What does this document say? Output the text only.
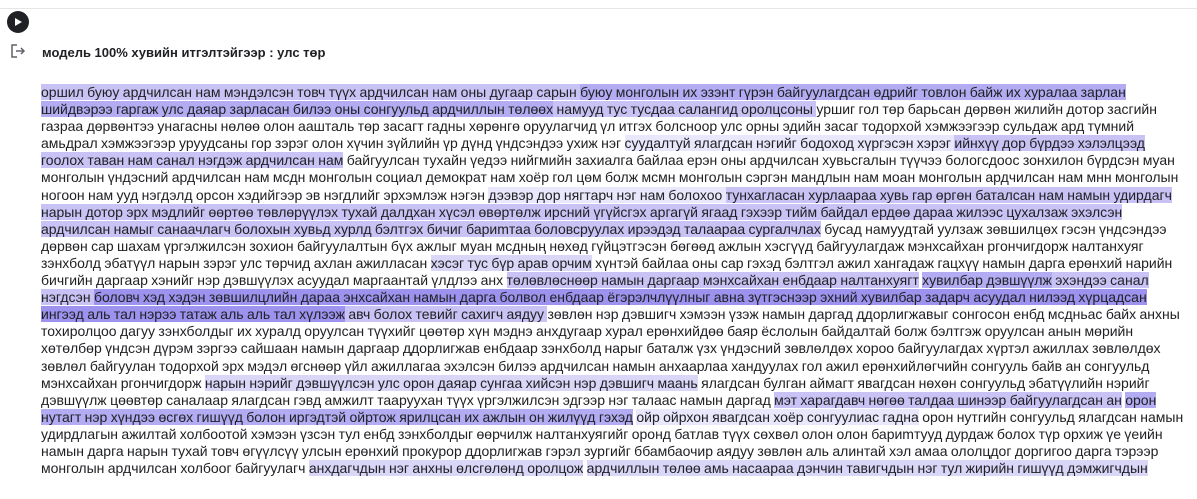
модель 100% хувийн итгэлтэйгээр : улс төр
оршил буюу ардчилсан нам мэндэлсэн товч түүх ардчилсан нам оны дугаар сарын буюу монголын их эзэнт гүрэн байгуулагдсан өдрийг товлон байж их хуралаа зарлан шийдвэрээ гаргаж улс даяар зарласан билээ оны сонгуульд ардчиллын төлөөх намууд тус тусдаа салангид оролцсоны уршиг гол төр барьсан дөрвөн жилийн дотор засгийн газраа дөрвөнтээ унагасны нөлөө олон аашталь төр засагт гадны хөрөнгө оруулагчид үл итгэх болсноор улс орны эдийн засаг тодорхой хэмжээгээр сульдаж ард түмний амьдрал хэмжээгээр уруудсаны гор зэрэг олон хүчин зүйлийн үр дүнд үндсэндээ ухиж нэг суудалтуй ялагдсан нэгийг бодоход хүргэсэн хэрэг ийнхүү дор бүрдээ хэлэлцээд гоолох таван нам санал нэгдэж ардчилсан нам байгуулсан тухайн үедээ нийгмийн захиалга байлаа ерэн оны ардчилсан хувьсгалын түүчээ бологсдоос зонхилон бүрдсэн муан монголын үндэсний ардчилсан нам мсдн монголын социал демократ нам хоёр гол цөм болж мсмн монголын сэргэн мандлын нам моан монголын ардчилсан нам мнн монголын ногоон нам ууд нэгдэлд орсон хэдийгээр эв нэгдлийг эрхэмлэж нэгэн дээвэр дор нягтарч нэг нам болохоо тунхагласан хурлаараа хувь гар өргөн баталсан нам намын удирдагч нарын дотор эрх мэдлийг өөртөө төвлөрүүлэх тухай далдхан хүсэл өвөртөлж ирсний үгүйсгэх аргагүй ягаад гэхээр тийм байдал ердөө дараа жилээс цухалзаж эхэлсэн ардчилсан намыг санаачлагч болохын хувьд хурлд бэлтгэх бичиг бариmтаа боловсруулах ирээдэд талаараа сургалчлах бусад намуудтай уулзаж зөвшилцөх гэсэн үндсэндээ дөрвөн сар шахам үргэлжилсэн зохион байгуулалтын бүх ажлыг муан мсдның нөхөд гүйцэтгэсэн бөгөөд ажлын хэсгүүд байгуулагдаж мэнхсайхан ргончигдорж налтанхуяг зэнхболд эбатүүл нарын зэрэг улс төрчид ахлан ажиллаcан хэсэг тус бүр арав орчим хүнтэй байлаа оны сар гэхэд бэлтгэл ажил хангадаж гацхүү намын дарга ерөнхий нарийн бичгийн даргаар хэнийг нэр дэвшүүлэх асуудал маргаантай үлдлээ анх төлөвлөснөөр намын даргаар мэнхсайхан енбдаар налтанхуягт хувилбар дэвшүүлж эхэндээ санал нэгдсэн боловч хэд хэдэн зөвшилцлийн дараа энхсайхан намын дарга болвол енбдаар ёгэрэлчлүүлныг авна зүтгэснээр эхний хувилбар задарч асуудал нилээд хүрцадсан ингээд аль тал нэрээ татаж аль аль тал хүлээж авч болох тевийг сахигч аядуу зөвлөн нэр дэвшигч хэмээн үзэж намын даргад ддорлигжавыг сонгосон енбд мсдньас байх анхны тохиролцоо дагуу зэнхболдыг их хуралд оруулсан түүхийг цөөтөр хүн мэднэ анхдугаар хурал ерөнхийдөө баяр ёслолын байдалтай болж бэлтгэж оруулсан анын мөрийн хөтөлбөр үндсэн дүрэм зэргээ сайшаан намын даргаар ддорлигжав енбдаар зэнхболд нарыг баталж үзх үндэсний зөвлөлдөх хороо байгуулагдах хүртэл ажиллах зөвлөлдөх зөвлөл байгуулан тодорхой эрх мэдэл өгснөөр үйл ажиллагаа эхэлсэн билээ ардчилсан намын анхаарлаа хандуулах гол ажил ерөнхийлөгчийн сонгууль байв ан сонгуульд мэнхсайхан ргончигдорж нарын нэрийг дэвшүүлсэн улс орон даяар сунгаа хийсэн нэр дэвшигч маань ялагдсан булган аймагт явагдсан нөхөн сонгуульд эбатүүлийн нэрийг дэвшүүлж цөөвтөр саналаар ялагдсан гэвд амжилт тааруухан түүх үргэлжилсэн эдгээр нэг талаас намын даргад мэт харагдавч нөгөө талдаа шинээр байгуулагдсан ан орон нутагт нэр хүндээ өсгөх гишүүд болон иргэдтэй ойртож ярилцсан их ажлын он жилүүд гэхэд ойр ойрхон явагдсан хоёр сонгуулиас гадна орон нутгийн сонгуульд ялагдсан намын удирдлагын ажилтай холбоотой хэмээн үзсэн тул енбд зэнхболдыг өөрчилж налтанхуягийг оронд батлав түүх сөхвөл олон олон бариmтууд дурдаж болох түр орхиж үе үеийн намын дарга нарын тухай товч өгүүлсүү улсын ерөнхий прокурор ддорлигжав гэрэл зургийг ббамбаочир аядуу зөвлөн аль алинтай хэл амаа ололцдог доргигоо дарга тэрээр монголын ардчилсан холбоог байгуулагч анхдагчдын нэг анхны өлсгөлөнд оролцож ардчиллын төлөө амь насаараа дэнчин тавигчдын нэг тул жирийн гишүүд дэмжигчдын
